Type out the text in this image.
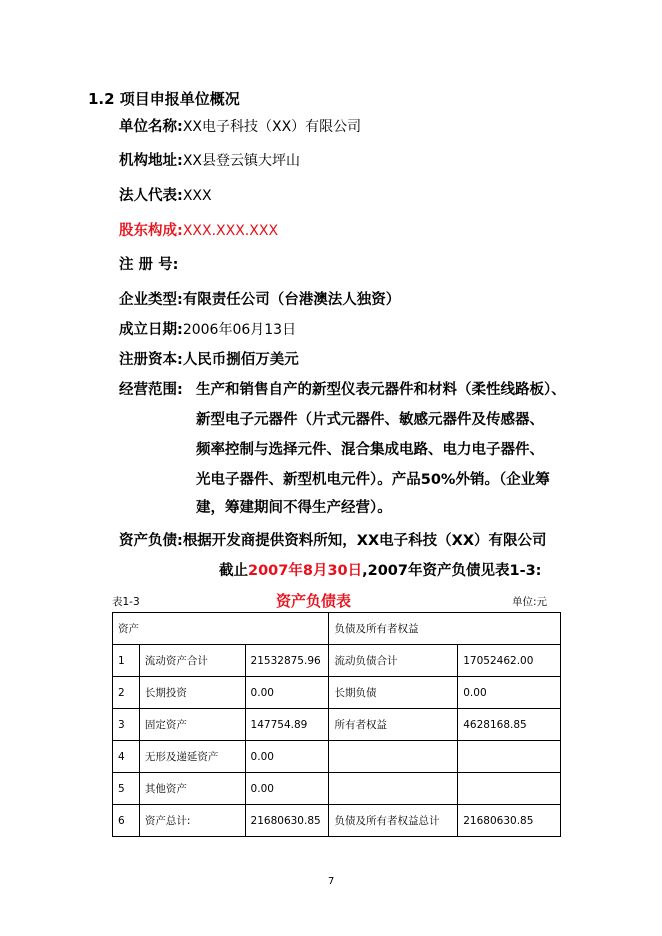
1.2 项目申报单位概况
单位名称:XX电子科技（XX）有限公司
机构地址:XX县登云镇大坪山
法人代表:XXX
股东构成:XXX.XXX.XXX
注 册 号:
企业类型:有限责任公司（台港澳法人独资）
成立日期:2006年06月13日
注册资本:人民币捌佰万美元
经营范围: 生产和销售自产的新型仪表元器件和材料（柔性线路板）、
新型电子元器件（片式元器件、敏感元器件及传感器、
频率控制与选择元件、混合集成电路、电力电子器件、
光电子器件、新型机电元件）。产品50%外销。（企业筹
建，筹建期间不得生产经营）。
资产负债:根据开发商提供资料所知，XX电子科技（XX）有限公司
截止2007年8月30日,2007年资产负债见表1-3:
表1-3	资产负债表	单位:元
资产			负债及所有者权益	
1	流动资产合计	21532875.96	流动负债合计	17052462.00
2	长期投资	0.00	长期负债	0.00
3	固定资产	147754.89	所有者权益	4628168.85
4	无形及递延资产	0.00		
5	其他资产	0.00		
6	资产总计:	21680630.85	负债及所有者权益总计	21680630.85
7
